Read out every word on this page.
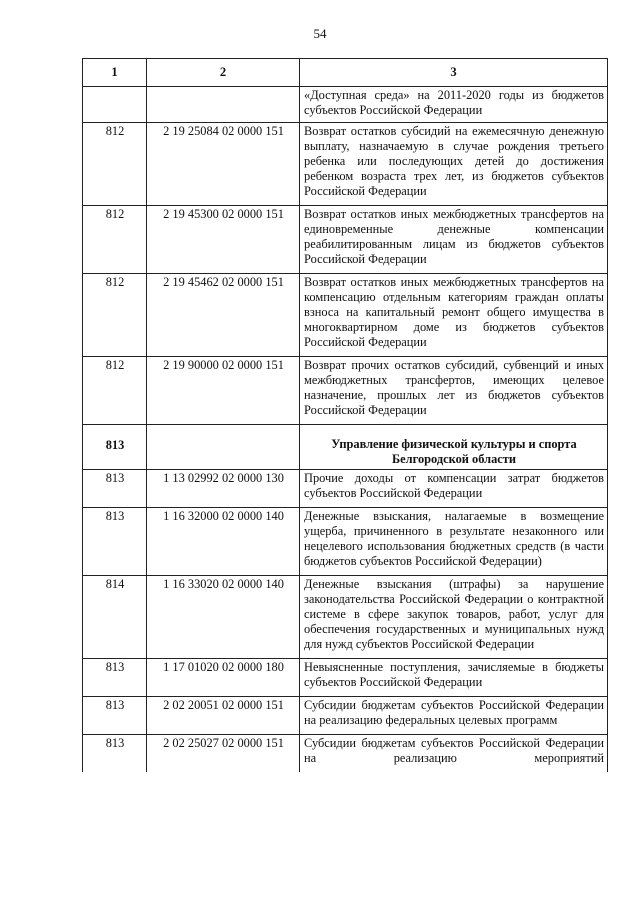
54
1	2	3
		«Доступная среда» на 2011-2020 годы из бюджетов субъектов Российской Федерации
812	2 19 25084 02 0000 151	Возврат остатков субсидий на ежемесячную денежную выплату, назначаемую в случае рождения третьего ребенка или последующих детей до достижения ребенком возраста трех лет, из бюджетов субъектов Российской Федерации
812	2 19 45300 02 0000 151	Возврат остатков иных межбюджетных трансфертов на единовременные денежные компенсации реабилитированным лицам из бюджетов субъектов Российской Федерации
812	2 19 45462 02 0000 151	Возврат остатков иных межбюджетных трансфертов на компенсацию отдельным категориям граждан оплаты взноса на капитальный ремонт общего имущества в многоквартирном доме из бюджетов субъектов Российской Федерации
812	2 19 90000 02 0000 151	Возврат прочих остатков субсидий, субвенций и иных межбюджетных трансфертов, имеющих целевое назначение, прошлых лет из бюджетов субъектов Российской Федерации
813		Управление физической культуры и спорта Белгородской области
813	1 13 02992 02 0000 130	Прочие доходы от компенсации затрат бюджетов субъектов Российской Федерации
813	1 16 32000 02 0000 140	Денежные взыскания, налагаемые в возмещение ущерба, причиненного в результате незаконного или нецелевого использования бюджетных средств (в части бюджетов субъектов Российской Федерации)
814	1 16 33020 02 0000 140	Денежные взыскания (штрафы) за нарушение законодательства Российской Федерации о контрактной системе в сфере закупок товаров, работ, услуг для обеспечения государственных и муниципальных нужд для нужд субъектов Российской Федерации
813	1 17 01020 02 0000 180	Невыясненные поступления, зачисляемые в бюджеты субъектов Российской Федерации
813	2 02 20051 02 0000 151	Субсидии бюджетам субъектов Российской Федерации на реализацию федеральных целевых программ
813	2 02 25027 02 0000 151	Субсидии бюджетам субъектов Российской Федерации на реализацию мероприятий
